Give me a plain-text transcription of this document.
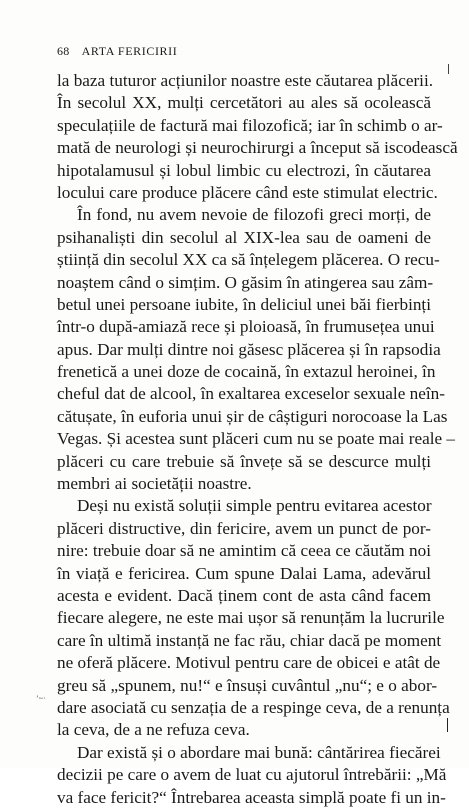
68 ARTA FERICIRII
la baza tuturor acțiunilor noastre este căutarea plăcerii.
În secolul XX, mulți cercetători au ales să ocolească
speculațiile de factură mai filozofică; iar în schimb o ar-
mată de neurologi și neurochirurgi a început să iscodească
hipotalamusul și lobul limbic cu electrozi, în căutarea
locului care produce plăcere când este stimulat electric.
În fond, nu avem nevoie de filozofi greci morți, de
psihanaliști din secolul al XIX-lea sau de oameni de
știință din secolul XX ca să înțelegem plăcerea. O recu-
noaștem când o simțim. O găsim în atingerea sau zâm-
betul unei persoane iubite, în deliciul unei băi fierbinți
într-o după-amiază rece și ploioasă, în frumusețea unui
apus. Dar mulți dintre noi găsesc plăcerea și în rapsodia
frenetică a unei doze de cocaină, în extazul heroinei, în
cheful dat de alcool, în exaltarea exceselor sexuale neîn-
cătușate, în euforia unui șir de câștiguri norocoase la Las
Vegas. Și acestea sunt plăceri cum nu se poate mai reale –
plăceri cu care trebuie să învețe să se descurce mulți
membri ai societății noastre.
Deși nu există soluții simple pentru evitarea acestor
plăceri distructive, din fericire, avem un punct de por-
nire: trebuie doar să ne amintim că ceea ce căutăm noi
în viață e fericirea. Cum spune Dalai Lama, adevărul
acesta e evident. Dacă ținem cont de asta când facem
fiecare alegere, ne este mai ușor să renunțăm la lucrurile
care în ultimă instanță ne fac rău, chiar dacă pe moment
ne oferă plăcere. Motivul pentru care de obicei e atât de
greu să „spunem, nu!“ e însuși cuvântul „nu“; e o abor-
dare asociată cu senzația de a respinge ceva, de a renunța
la ceva, de a ne refuza ceva.
Dar există și o abordare mai bună: cântărirea fiecărei
decizii pe care o avem de luat cu ajutorul întrebării: „Mă
va face fericit?“ Întrebarea aceasta simplă poate fi un in-
ʼ~·
